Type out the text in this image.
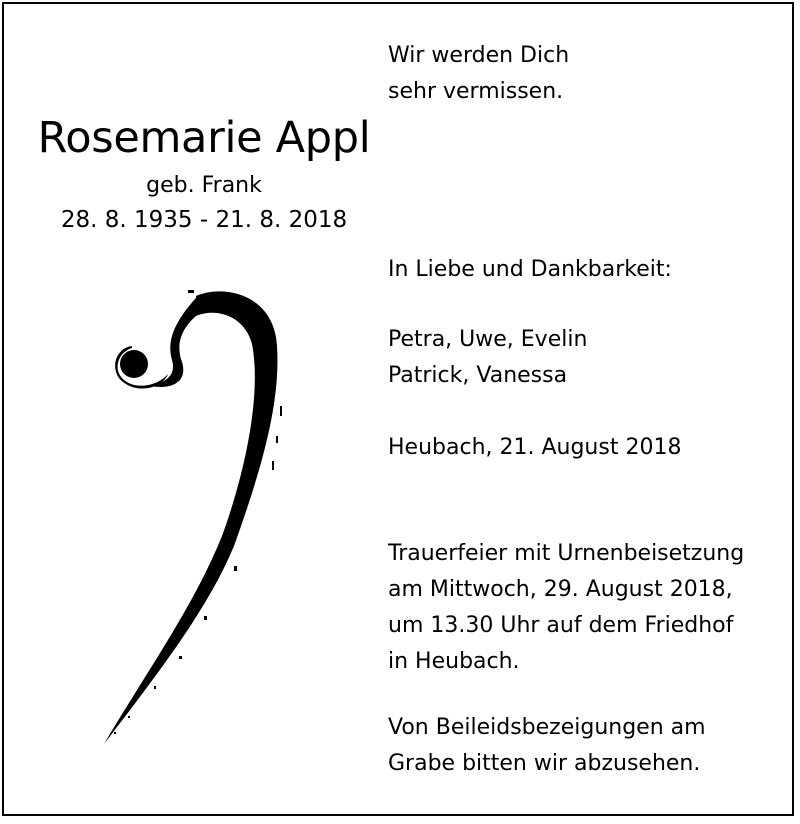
Rosemarie Appl
geb. Frank
28. 8. 1935 - 21. 8. 2018
Wir werden Dich
sehr vermissen.
In Liebe und Dankbarkeit:
Petra, Uwe, Evelin
Patrick, Vanessa
Heubach, 21. August 2018
Trauerfeier mit Urnenbeisetzung
am Mittwoch, 29. August 2018,
um 13.30 Uhr auf dem Friedhof
in Heubach.
Von Beileidsbezeigungen am
Grabe bitten wir abzusehen.
